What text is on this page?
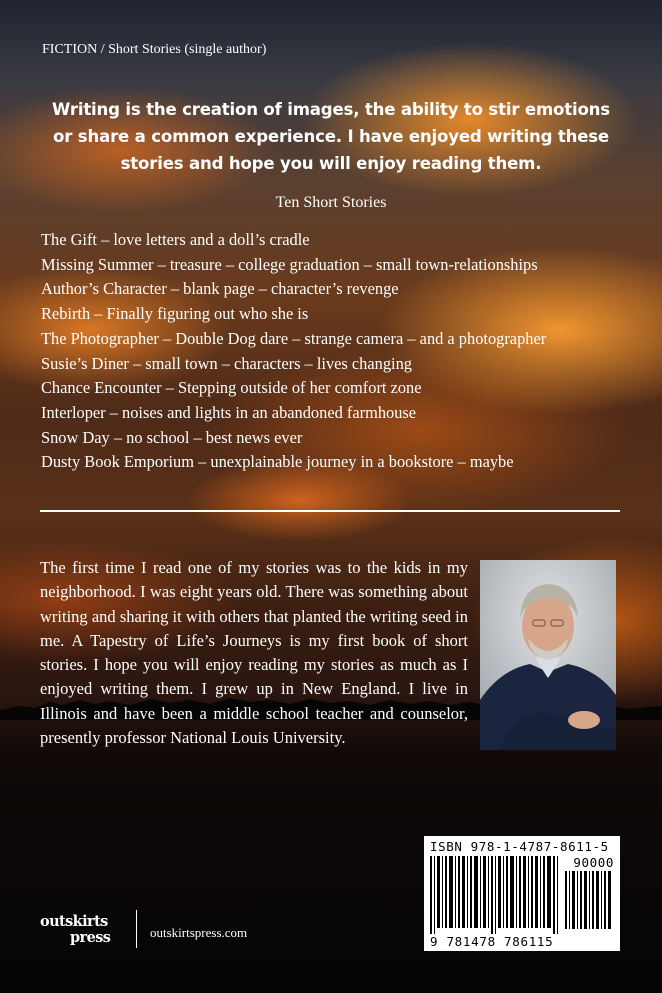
FICTION / Short Stories (single author)
Writing is the creation of images, the ability to stir emotions or share a common experience. I have enjoyed writing these stories and hope you will enjoy reading them.
Ten Short Stories
The Gift – love letters and a doll’s cradle
Missing Summer – treasure – college graduation – small town-relationships
Author’s Character – blank page – character’s revenge
Rebirth – Finally figuring out who she is
The Photographer – Double Dog dare – strange camera – and a photographer
Susie’s Diner – small town – characters – lives changing
Chance Encounter – Stepping outside of her comfort zone
Interloper – noises and lights in an abandoned farmhouse
Snow Day – no school – best news ever
Dusty Book Emporium – unexplainable journey in a bookstore – maybe
The first time I read one of my stories was to the kids in my neighborhood. I was eight years old. There was something about writing and sharing it with others that planted the writing seed in me. A Tapestry of Life’s Journeys is my first book of short stories. I hope you will enjoy reading my stories as much as I enjoyed writing them. I grew up in New England. I live in Illinois and have been a middle school teacher and counselor, presently professor National Louis University.
ISBN 978-1-4787-8611-5
90000
9 781478 786115
outskirts
press	outskirtspress.com
